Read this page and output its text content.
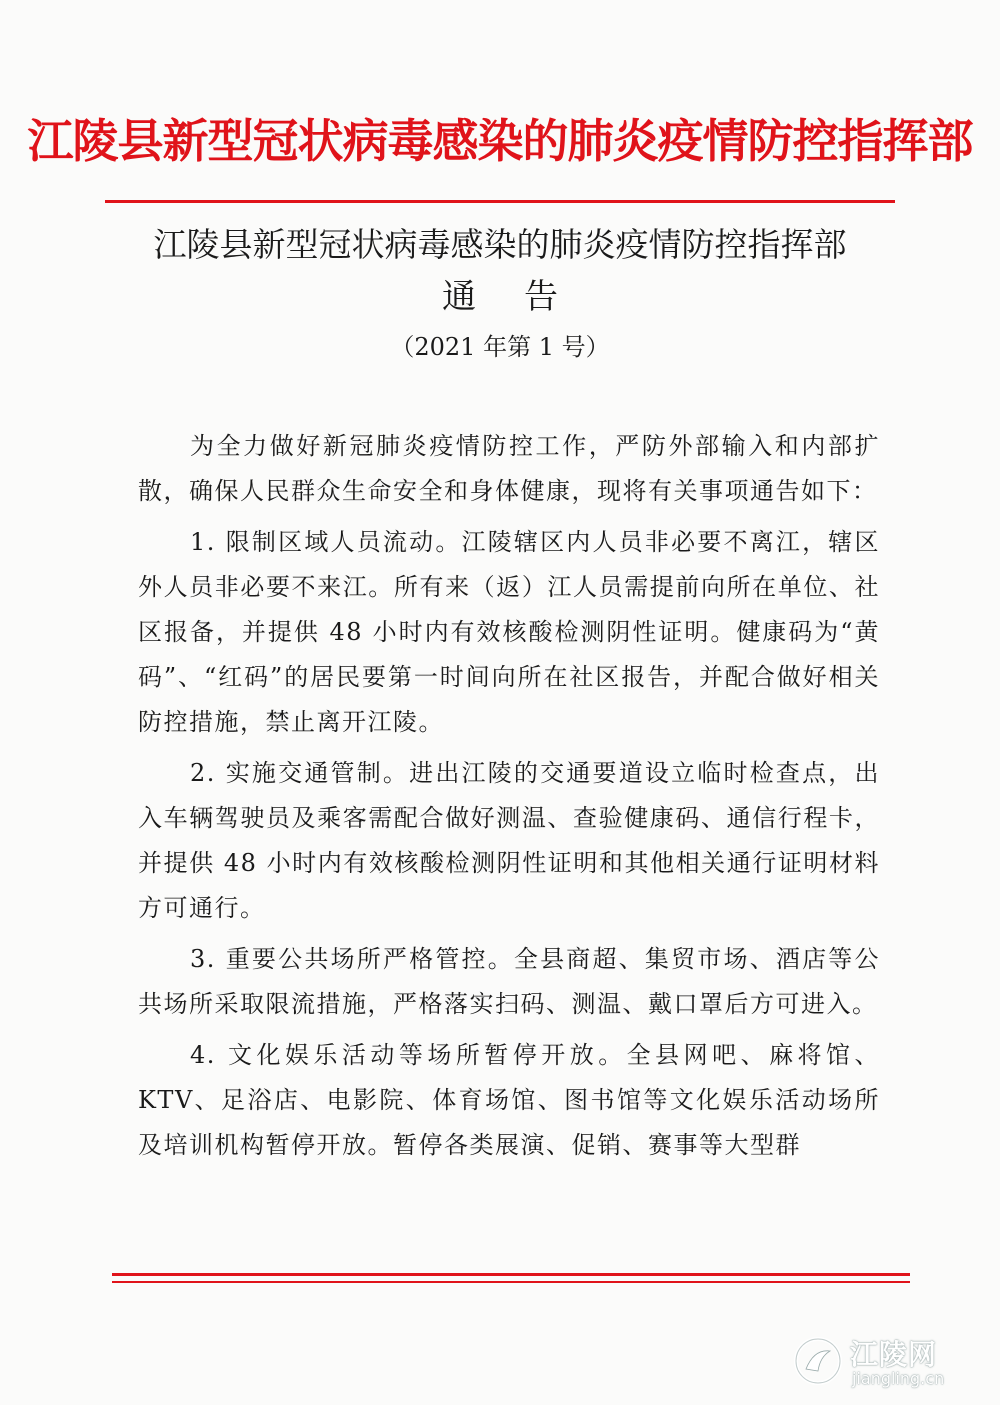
江陵县新型冠状病毒感染的肺炎疫情防控指挥部
江陵县新型冠状病毒感染的肺炎疫情防控指挥部
通告
（2021 年第 1 号）

为全力做好新冠肺炎疫情防控工作，严防外部输入和内部扩散，确保人民群众生命安全和身体健康，现将有关事项通告如下：

1. 限制区域人员流动。江陵辖区内人员非必要不离江，辖区外人员非必要不来江。所有来（返）江人员需提前向所在单位、社区报备，并提供 48 小时内有效核酸检测阴性证明。健康码为“黄码”、“红码”的居民要第一时间向所在社区报告，并配合做好相关防控措施，禁止离开江陵。

2. 实施交通管制。进出江陵的交通要道设立临时检查点，出入车辆驾驶员及乘客需配合做好测温、查验健康码、通信行程卡，并提供 48 小时内有效核酸检测阴性证明和其他相关通行证明材料方可通行。

3. 重要公共场所严格管控。全县商超、集贸市场、酒店等公共场所采取限流措施，严格落实扫码、测温、戴口罩后方可进入。

4. 文化娱乐活动等场所暂停开放。全县网吧、麻将馆、KTV、足浴店、电影院、体育场馆、图书馆等文化娱乐活动场所及培训机构暂停开放。暂停各类展演、促销、赛事等大型群

江陵网
jiangling.cn
